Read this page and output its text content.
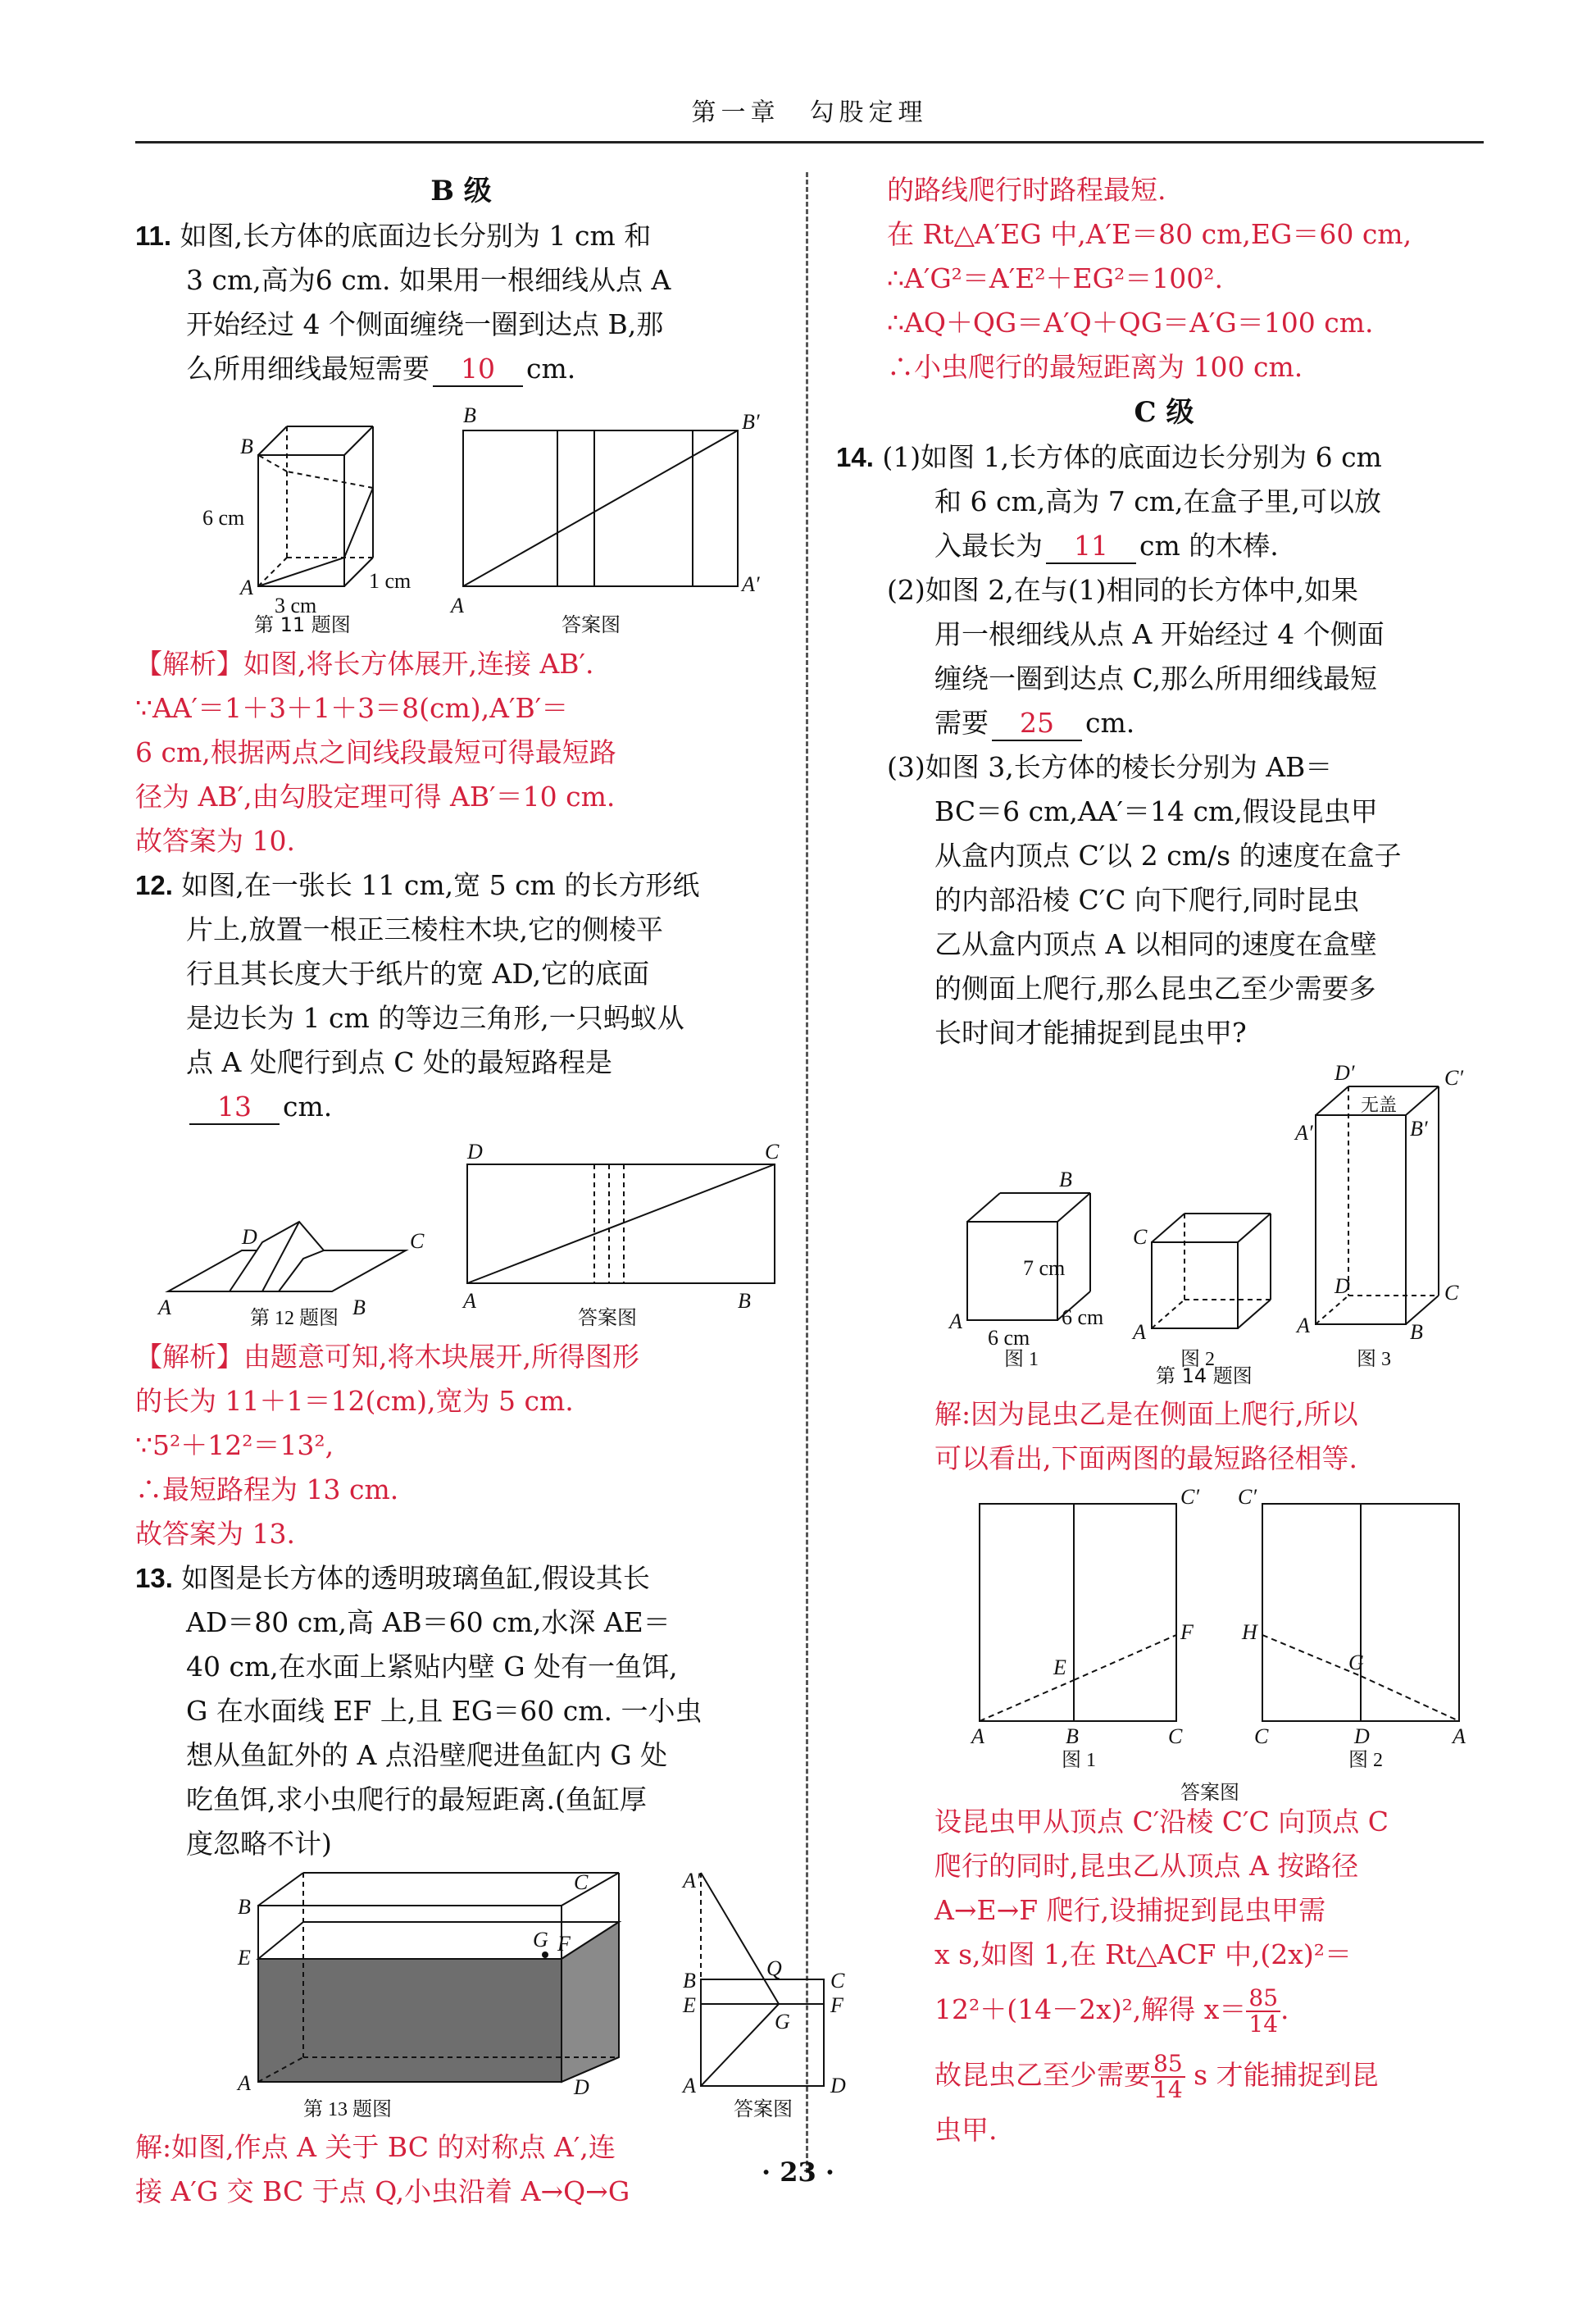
第一章　勾股定理

B 级

11. 如图,长方体的底面边长分别为 1 cm 和

3 cm,高为6 cm. 如果用一根细线从点 A

开始经过 4 个侧面缠绕一圈到达点 B,那

么所用细线最短需要 10 cm.

B
A
6 cm
3 cm
1 cm
B
A
B′
A′
第 11 题图	答案图

【解析】如图,将长方体展开,连接 AB′.

∵AA′＝1＋3＋1＋3＝8(cm),A′B′＝

6 cm,根据两点之间线段最短可得最短路

径为 AB′,由勾股定理可得 AB′＝10 cm.

故答案为 10.

12. 如图,在一张长 11 cm,宽 5 cm 的长方形纸

片上,放置一根正三棱柱木块,它的侧棱平

行且其长度大于纸片的宽 AD,它的底面

是边长为 1 cm 的等边三角形,一只蚂蚁从

点 A 处爬行到点 C 处的最短路程是

13 cm.

A	B
C
D
D	C
A	B
第 12 题图	答案图

【解析】由题意可知,将木块展开,所得图形

的长为 11＋1＝12(cm),宽为 5 cm.

∵5²＋12²＝13²,

∴最短路程为 13 cm.

故答案为 13.

13. 如图是长方体的透明玻璃鱼缸,假设其长

AD＝80 cm,高 AB＝60 cm,水深 AE＝

40 cm,在水面上紧贴内壁 G 处有一鱼饵,

G 在水面线 EF 上,且 EG＝60 cm. 一小虫

想从鱼缸外的 A 点沿壁爬进鱼缸内 G 处

吃鱼饵,求小虫爬行的最短距离.(鱼缸厚

度忽略不计)

B
E
A
C
G F
D
A′
B
E
A
Q
C
F
G
D
第 13 题图	答案图

解:如图,作点 A 关于 BC 的对称点 A′,连

接 A′G 交 BC 于点 Q,小虫沿着 A→Q→G

的路线爬行时路程最短.

在 Rt△A′EG 中,A′E＝80 cm,EG＝60 cm,

∴A′G²＝A′E²＋EG²＝100².

∴AQ＋QG＝A′Q＋QG＝A′G＝100 cm.

∴小虫爬行的最短距离为 100 cm.

C 级

14. (1)如图 1,长方体的底面边长分别为 6 cm

和 6 cm,高为 7 cm,在盒子里,可以放

入最长为 11 cm 的木棒.

(2)如图 2,在与(1)相同的长方体中,如果

用一根细线从点 A 开始经过 4 个侧面

缠绕一圈到达点 C,那么所用细线最短

需要 25 cm.

(3)如图 3,长方体的棱长分别为 AB＝

BC＝6 cm,AA′＝14 cm,假设昆虫甲

从盒内顶点 C′以 2 cm/s 的速度在盒子

的内部沿棱 C′C 向下爬行,同时昆虫

乙从盒内顶点 A 以相同的速度在盒壁

的侧面上爬行,那么昆虫乙至少需要多

长时间才能捕捉到昆虫甲?

B
A
7 cm
6 cm
6 cm
图 1
C
A
图 2
D′	C′
无盖
A′	B′
D	C
A	B
图 3
第 14 题图

解:因为昆虫乙是在侧面上爬行,所以

可以看出,下面两图的最短路径相等.

C′
F
E
A	B	C
图 1
C′
H
G
C	D	A
图 2
答案图

设昆虫甲从顶点 C′沿棱 C′C 向顶点 C

爬行的同时,昆虫乙从顶点 A 按路径

A→E→F 爬行,设捕捉到昆虫甲需

x s,如图 1,在 Rt△ACF 中,(2x)²＝

12²＋(14－2x)²,解得 $x= \frac{85}{14}$ .

故昆虫乙至少需要 $\frac{85}{14}$ s 才能捕捉到昆

虫甲.

· 23 ·
